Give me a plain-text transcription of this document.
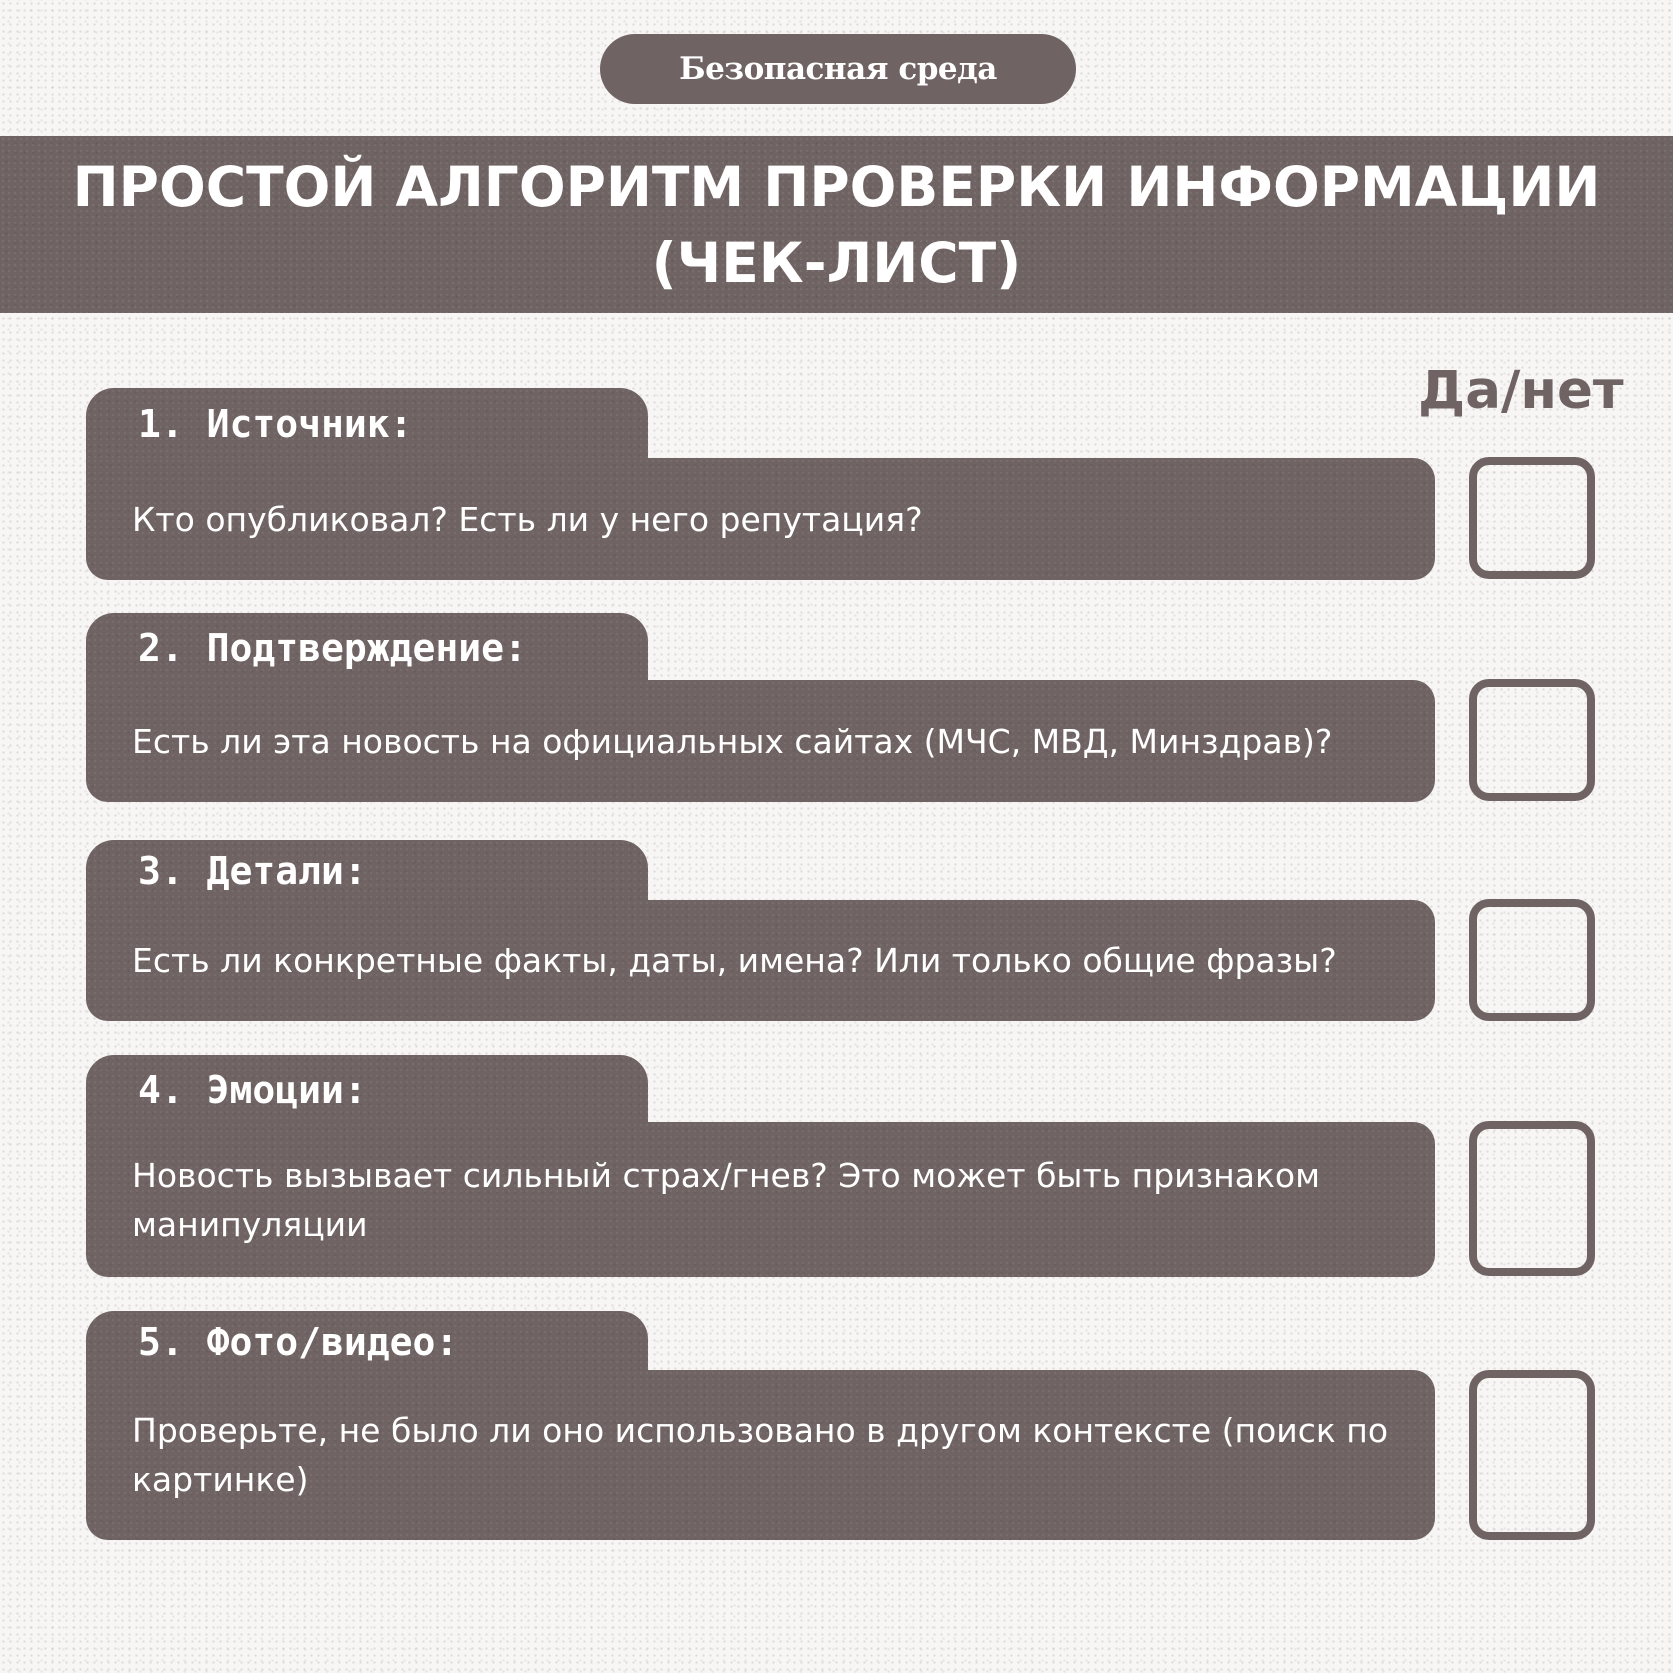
Безопасная среда
ПРОСТОЙ АЛГОРИТМ ПРОВЕРКИ ИНФОРМАЦИИ
(ЧЕК-ЛИСТ)
Да/нет
1. Источник:
Кто опубликовал? Есть ли у него репутация?
2. Подтверждение:
Есть ли эта новость на официальных сайтах (МЧС, МВД, Минздрав)?
3. Детали:
Есть ли конкретные факты, даты, имена? Или только общие фразы?
4. Эмоции:
Новость вызывает сильный страх/гнев? Это может быть признаком манипуляции
5. Фото/видео:
Проверьте, не было ли оно использовано в другом контексте (поиск по картинке)
